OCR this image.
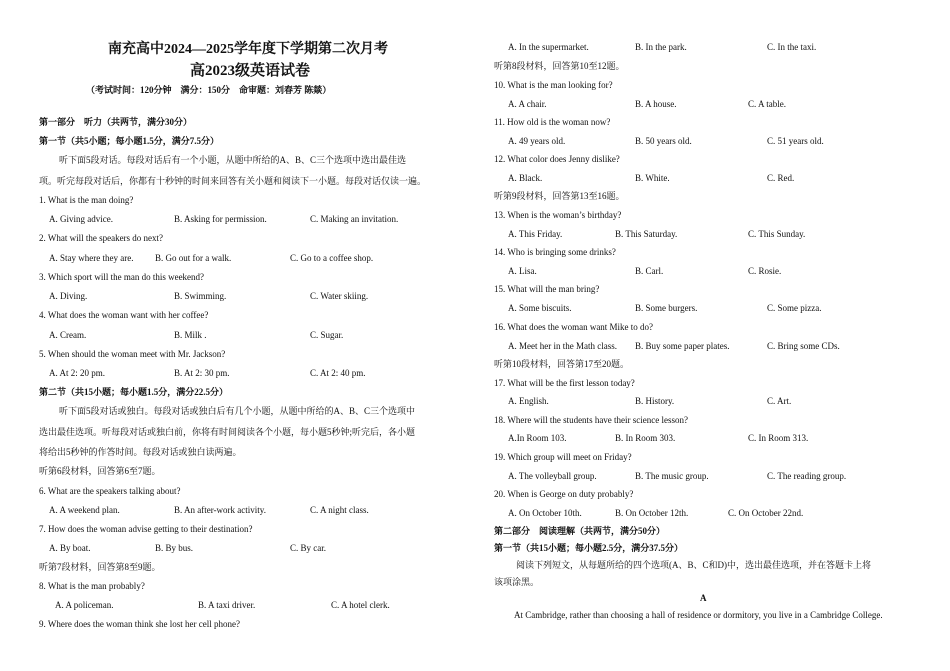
南充高中2024—2025学年度下学期第二次月考
高2023级英语试卷
（考试时间：120分钟　满分：150分　命审题：刘春芳 陈燚）
第一部分　听力（共两节，满分30分）
第一节（共5小题；每小题1.5分，满分7.5分）
听下面5段对话。每段对话后有一个小题，从题中所给的A、B、C三个选项中选出最佳选
项。听完每段对话后，你都有十秒钟的时间来回答有关小题和阅读下一小题。每段对话仅读一遍。
1. What is the man doing?
A. Giving advice.	B. Asking for permission.	C. Making an invitation.
2. What will the speakers do next?
A. Stay where they are. B. Go out for a walk.	C. Go to a coffee shop.
3. Which sport will the man do this weekend?
A. Diving.	B. Swimming.	C. Water skiing.
4. What does the woman want with her coffee?
A. Cream.	B. Milk .	C. Sugar.
5. When should the woman meet with Mr. Jackson?
A. At 2: 20 pm.	B. At 2: 30 pm.	C. At 2: 40 pm.
第二节（共15小题；每小题1.5分，满分22.5分）
听下面5段对话或独白。每段对话或独白后有几个小题，从题中所给的A、B、C三个选项中
选出最佳选项。听每段对话或独白前，你将有时间阅读各个小题，每小题5秒钟;听完后，各小题
将给出5秒钟的作答时间。每段对话或独白读两遍。
听第6段材料，回答第6至7题。
6. What are the speakers talking about?
A. A weekend plan.	B. An after-work activity.	C. A night class.
7. How does the woman advise getting to their destination?
A. By boat.	B. By bus.	C. By car.
听第7段材料，回答第8至9题。
8. What is the man probably?
A. A policeman.	B. A taxi driver.	C. A hotel clerk.
9. Where does the woman think she lost her cell phone?
A. In the supermarket.	B. In the park.	C. In the taxi.
听第8段材料，回答第10至12题。
10. What is the man looking for?
A. A chair.	B. A house.	C. A table.
11. How old is the woman now?
A. 49 years old.	B. 50 years old.	C. 51 years old.
12. What color does Jenny dislike?
A. Black.	B. White.	C. Red.
听第9段材料，回答第13至16题。
13. When is the woman’s birthday?
A. This Friday.	B. This Saturday.	C. This Sunday.
14. Who is bringing some drinks?
A. Lisa.	B. Carl.	C. Rosie.
15. What will the man bring?
A. Some biscuits.	B. Some burgers.	C. Some pizza.
16. What does the woman want Mike to do?
A. Meet her in the Math class. B. Buy some paper plates.	C. Bring some CDs.
听第10段材料，回答第17至20题。
17. What will be the first lesson today?
A. English.	B. History.	C. Art.
18. Where will the students have their science lesson?
A.In Room 103.	B. In Room 303.	C. In Room 313.
19. Which group will meet on Friday?
A. The volleyball group.	B. The music group.	C. The reading group.
20. When is George on duty probably?
A. On October 10th.	B. On October 12th.	C. On October 22nd.
第二部分　阅读理解（共两节，满分50分）
第一节（共15小题；每小题2.5分，满分37.5分）
阅读下列短文，从每题所给的四个选项(A、B、C和D)中，选出最佳选项，并在答题卡上将
该项涂黑。
A
At Cambridge, rather than choosing a hall of residence or dormitory, you live in a Cambridge College.
